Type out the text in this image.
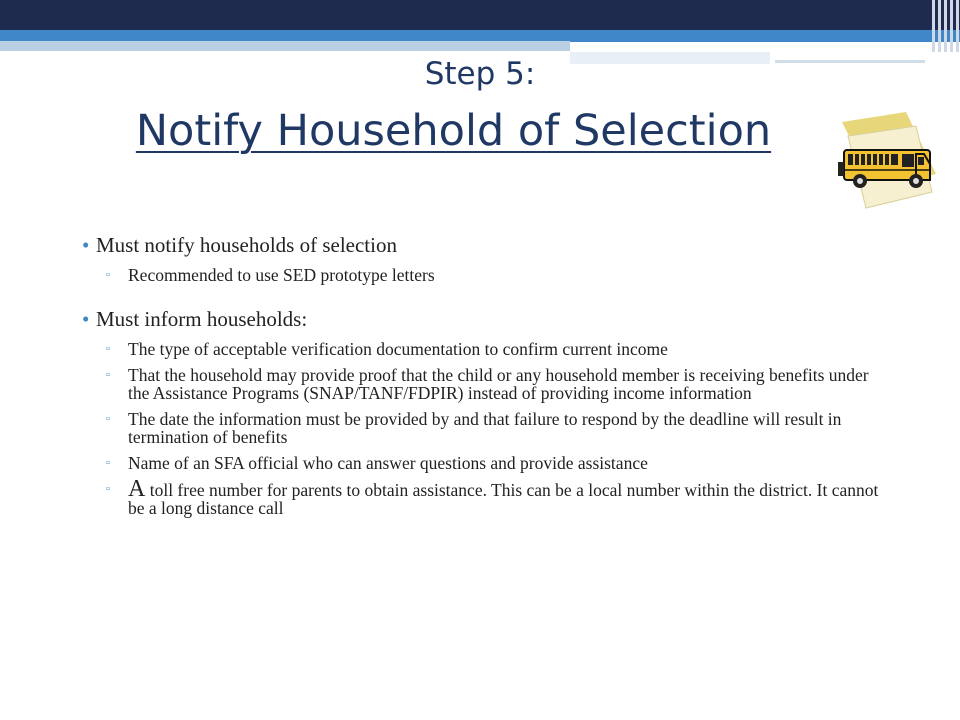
Step 5:
Notify Household of Selection
• Must notify households of selection
▫ Recommended to use SED prototype letters
• Must inform households:
▫ The type of acceptable verification documentation to confirm current income
▫ That the household may provide proof that the child or any household member is receiving benefits under the Assistance Programs (SNAP/TANF/FDPIR) instead of providing income information
▫ The date the information must be provided by and that failure to respond by the deadline will result in termination of benefits
▫ Name of an SFA official who can answer questions and provide assistance
▫ A toll free number for parents to obtain assistance. This can be a local number within the district. It cannot be a long distance call
